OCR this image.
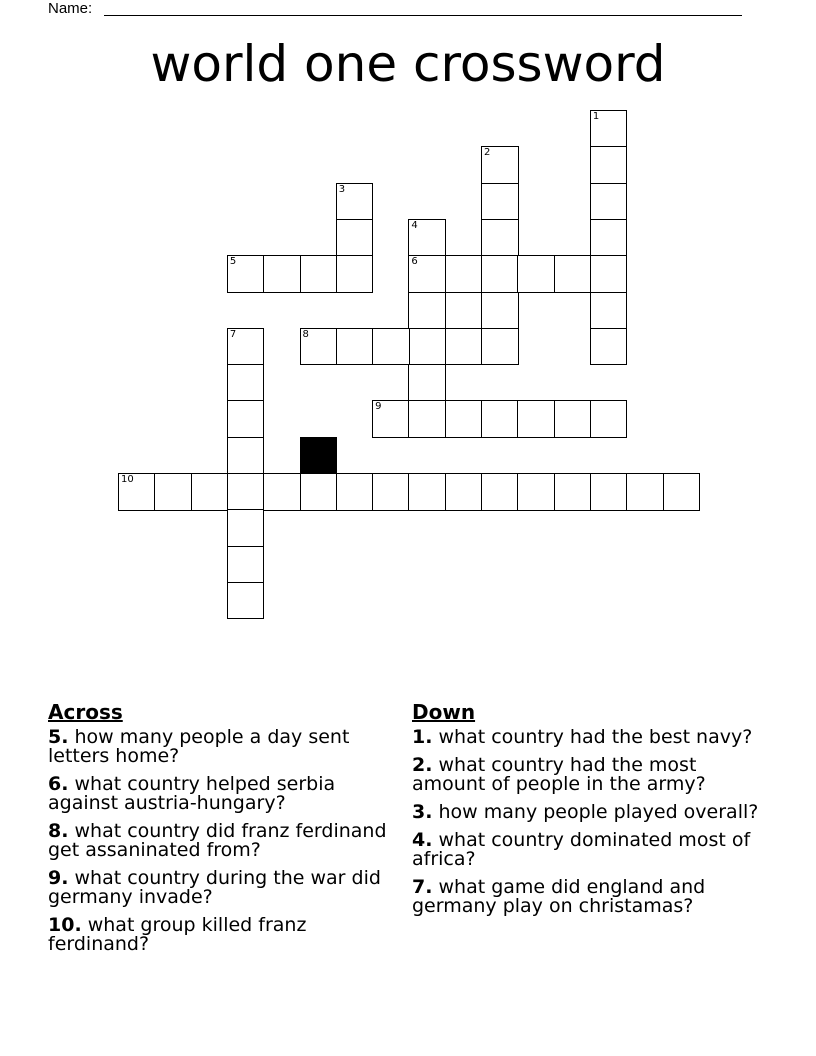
Name:
world one crossword
1
2
3
4
6
5
7	8
9
10
Across
5. how many people a day sent letters home?
6. what country helped serbia against austria-hungary?
8. what country did franz ferdinand get assaninated from?
9. what country during the war did germany invade?
10. what group killed franz ferdinand?
Down
1. what country had the best navy?
2. what country had the most amount of people in the army?
3. how many people played overall?
4. what country dominated most of africa?
7. what game did england and germany play on christamas?
